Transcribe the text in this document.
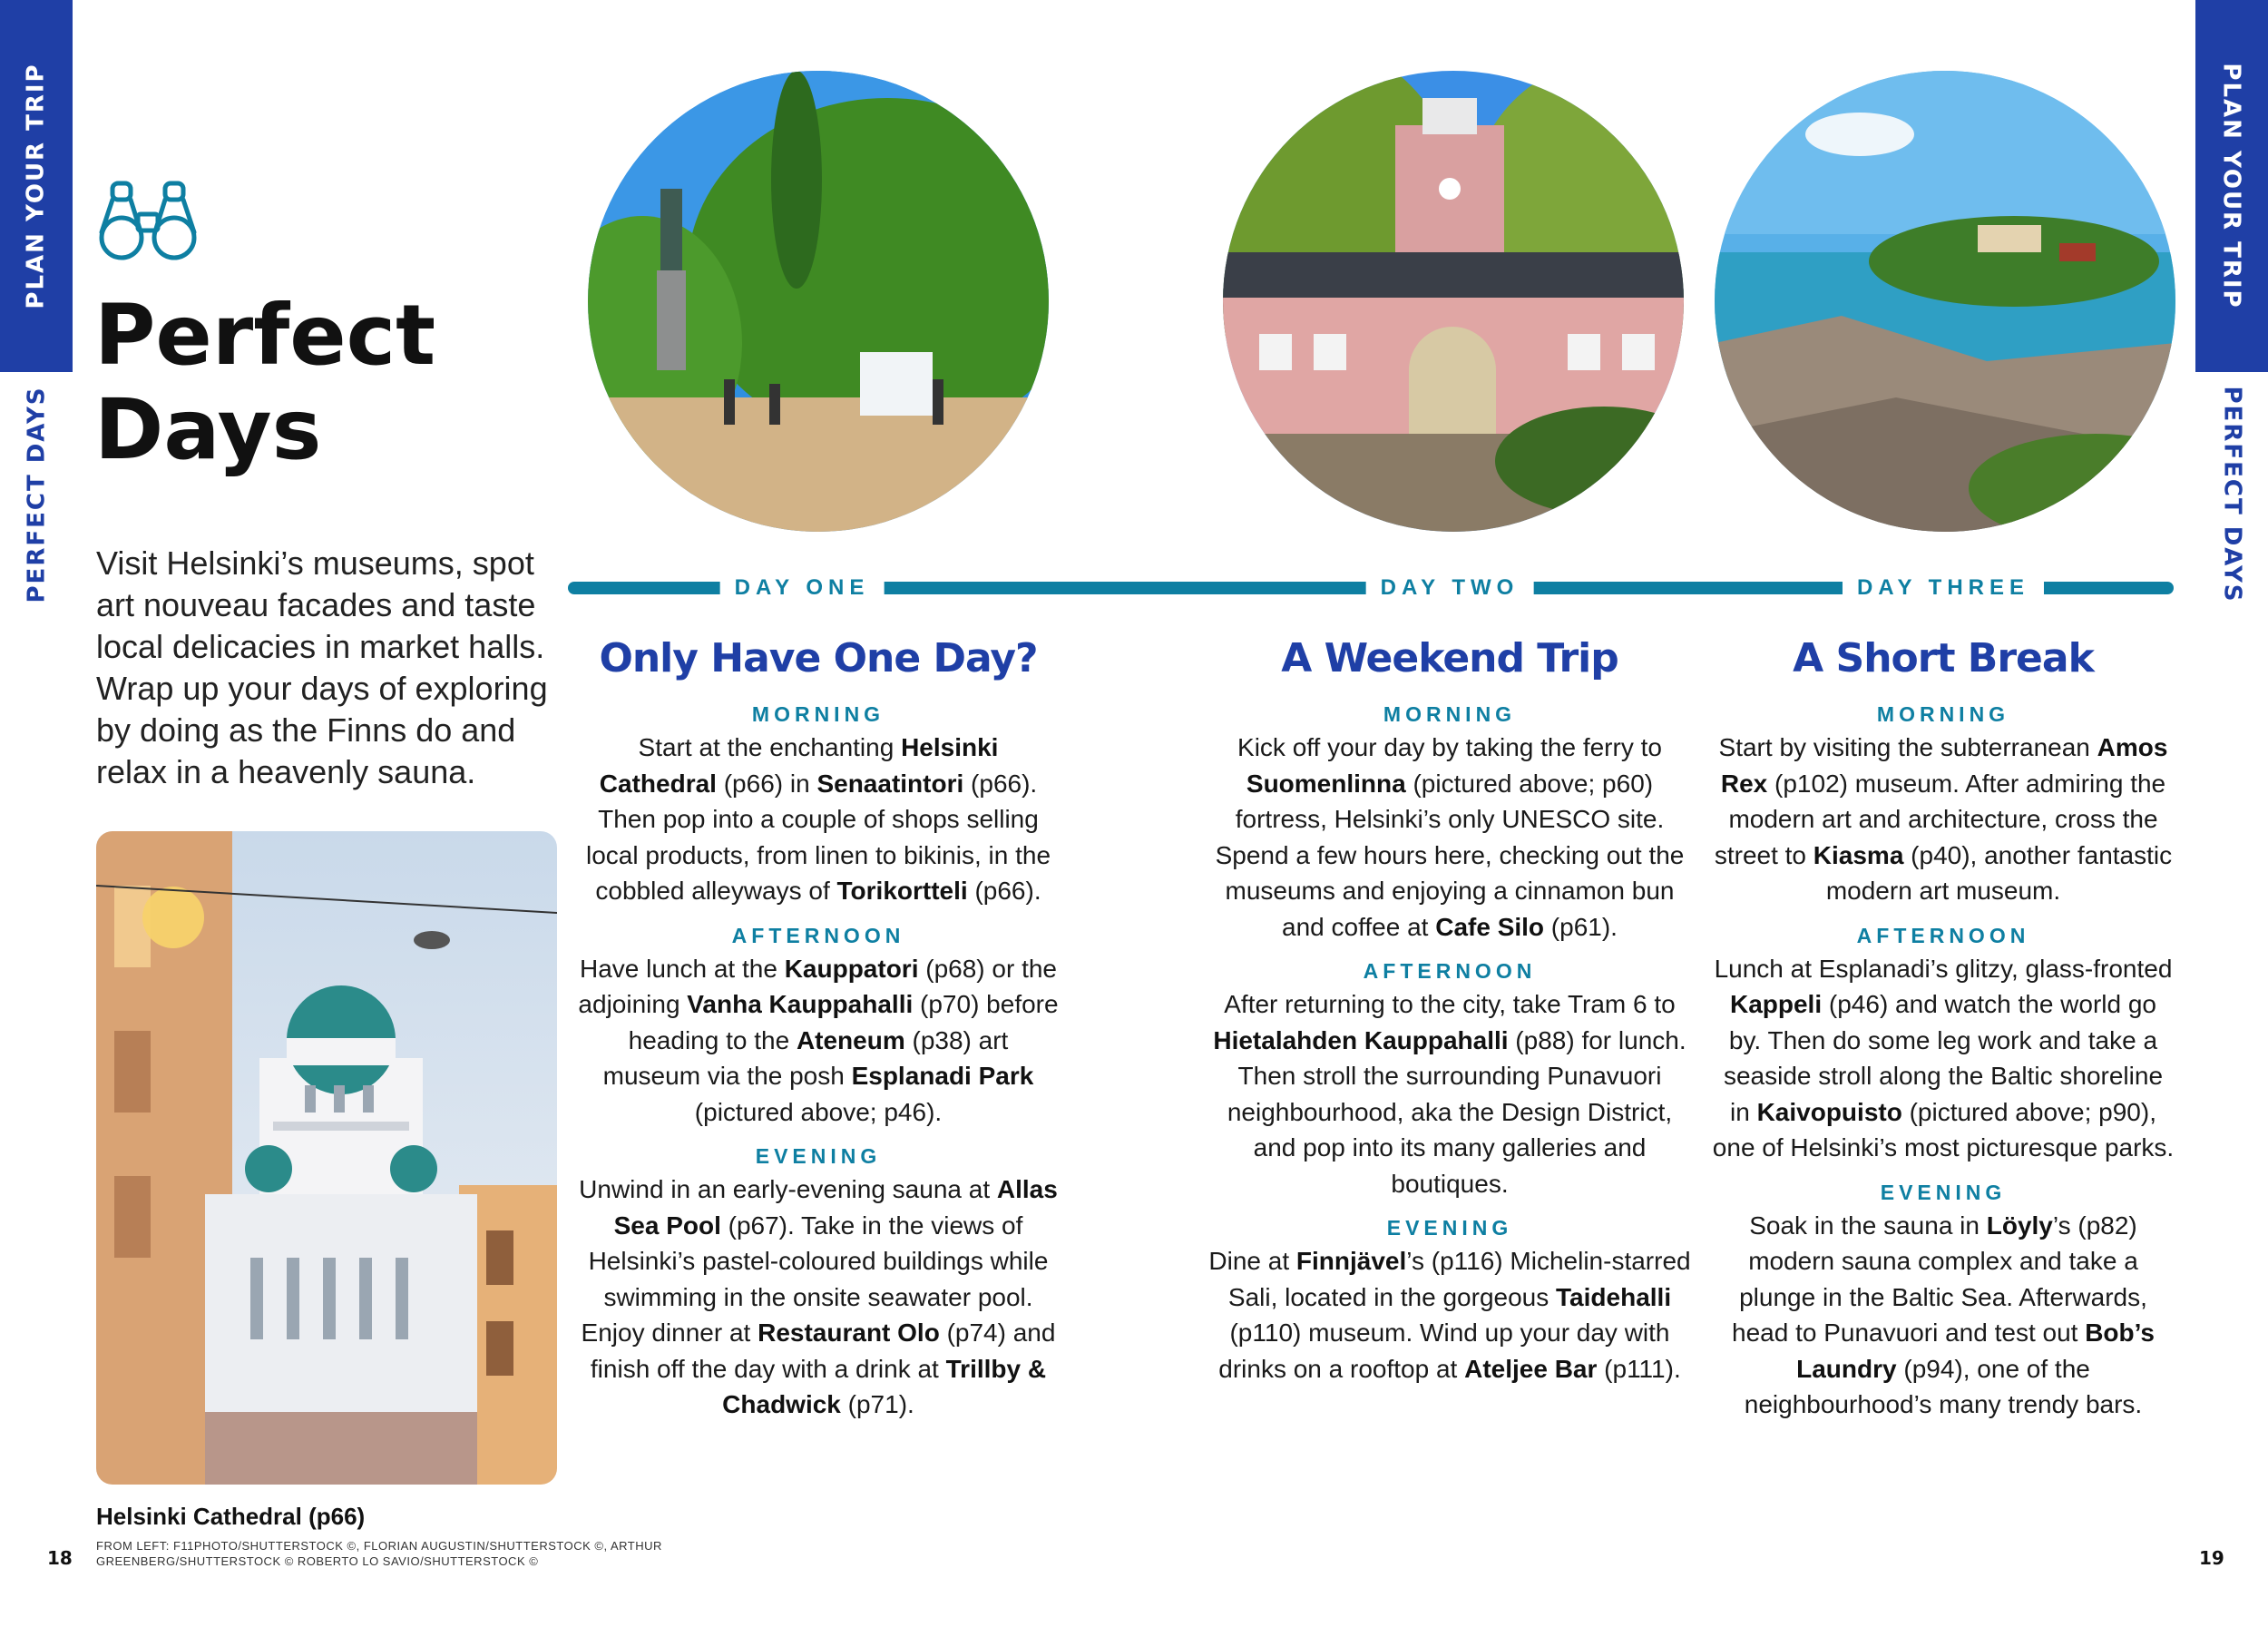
PLAN YOUR TRIP
PERFECT DAYS
PLAN YOUR TRIP
PERFECT DAYS
Perfect
Days

Visit Helsinki’s museums, spot art nouveau facades and taste local delicacies in market halls. Wrap up your days of exploring by doing as the Finns do and relax in a heavenly sauna.

DAY ONE	DAY TWO	DAY THREE
Only Have One Day?
MORNING

Start at the enchanting Helsinki Cathedral (p66) in Senaatintori (p66). Then pop into a couple of shops selling local products, from linen to bikinis, in the cobbled alleyways of Torikortteli (p66).

AFTERNOON

Have lunch at the Kauppatori (p68) or the adjoining Vanha Kauppahalli (p70) before heading to the Ateneum (p38) art museum via the posh Esplanadi Park (pictured above; p46).

EVENING

Unwind in an early-evening sauna at Allas Sea Pool (p67). Take in the views of Helsinki’s pastel-coloured buildings while swimming in the onsite seawater pool. Enjoy dinner at Restaurant Olo (p74) and finish off the day with a drink at Trillby & Chadwick (p71).

A Weekend Trip
MORNING

Kick off your day by taking the ferry to Suomenlinna (pictured above; p60) fortress, Helsinki’s only UNESCO site. Spend a few hours here, checking out the museums and enjoying a cinnamon bun and coffee at Cafe Silo (p61).

AFTERNOON

After returning to the city, take Tram 6 to Hietalahden Kauppahalli (p88) for lunch. Then stroll the surrounding Punavuori neighbourhood, aka the Design District, and pop into its many galleries and boutiques.

EVENING

Dine at Finnjävel’s (p116) Michelin-starred Sali, located in the gorgeous Taidehalli (p110) museum. Wind up your day with drinks on a rooftop at Ateljee Bar (p111).

A Short Break
MORNING

Start by visiting the subterranean Amos Rex (p102) museum. After admiring the modern art and architecture, cross the street to Kiasma (p40), another fantastic modern art museum.

AFTERNOON

Lunch at Esplanadi’s glitzy, glass-fronted Kappeli (p46) and watch the world go by. Then do some leg work and take a seaside stroll along the Baltic shoreline in Kaivopuisto (pictured above; p90), one of Helsinki’s most picturesque parks.

EVENING

Soak in the sauna in Löyly’s (p82) modern sauna complex and take a plunge in the Baltic Sea. Afterwards, head to Punavuori and test out Bob’s Laundry (p94), one of the neighbourhood’s many trendy bars.

Helsinki Cathedral (p66)
FROM LEFT: F11PHOTO/SHUTTERSTOCK ©, FLORIAN AUGUSTIN/SHUTTERSTOCK ©, ARTHUR GREENBERG/SHUTTERSTOCK © ROBERTO LO SAVIO/SHUTTERSTOCK ©
18	19
